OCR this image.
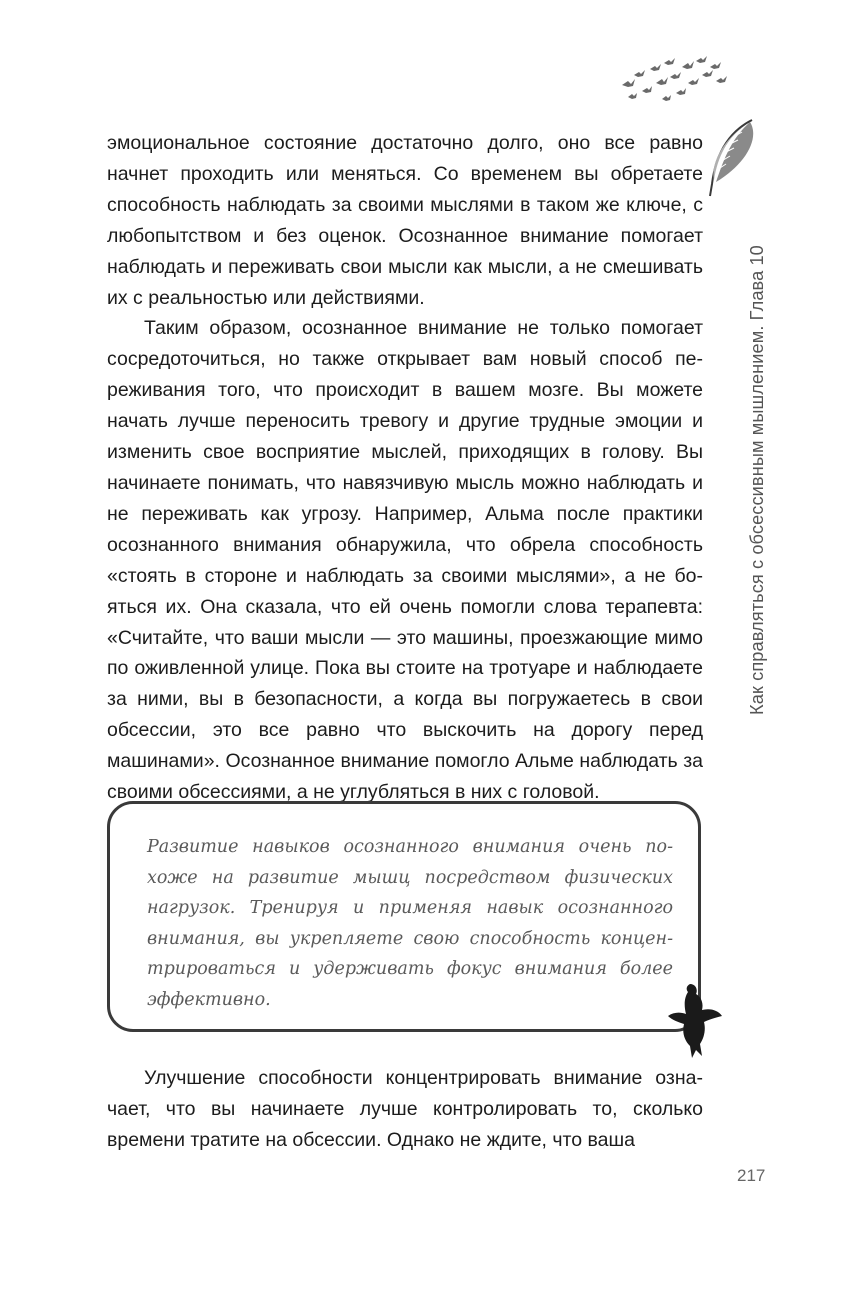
эмоциональное состояние достаточно долго, оно все равно начнет проходить или меняться. Со временем вы обретаете способность наблюдать за своими мыслями в таком же ключе, с любопытством и без оценок. Осознанное внимание помогает наблюдать и переживать свои мысли как мысли, а не смешивать их с реальностью или действиями.

Таким образом, осознанное внимание не только помогает сосредоточиться, но также открывает вам новый способ переживания того, что происходит в вашем мозге. Вы можете начать лучше переносить тревогу и другие трудные эмоции и изменить свое восприятие мыслей, приходящих в голову. Вы начинаете понимать, что навязчивую мысль можно наблюдать и не переживать как угрозу. Например, Альма после практики осознанного внимания обнаружила, что обрела способность «стоять в стороне и наблюдать за своими мыслями», а не бояться их. Она сказала, что ей очень помогли слова терапевта: «Считайте, что ваши мысли — это машины, проезжающие мимо по оживленной улице. Пока вы стоите на тротуаре и наблюдаете за ними, вы в безопасности, а когда вы погружаетесь в свои обсессии, это все равно что выскочить на дорогу перед машинами». Осознанное внимание помогло Альме наблюдать за своими обсессиями, а не углубляться в них с головой.

Развитие навыков осознанного внимания очень похоже на развитие мышц посредством физических нагрузок. Тренируя и применяя навык осознанного внимания, вы укрепляете свою способность концентрироваться и удерживать фокус внимания более эффективно.

Улучшение способности концентрировать внимание означает, что вы начинаете лучше контролировать то, сколько времени тратите на обсессии. Однако не ждите, что ваша

Как справляться с обсессивным мышлением. Глава 10
217
